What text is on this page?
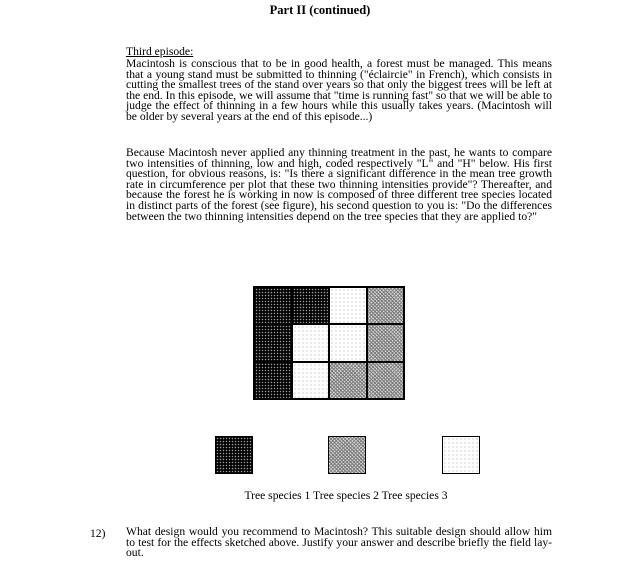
Part II (continued)
Third episode:

Macintosh is conscious that to be in good health, a forest must be managed. This means that a young stand must be submitted to thinning ("éclaircie" in French), which consists in cutting the smallest trees of the stand over years so that only the biggest trees will be left at the end. In this episode, we will assume that "time is running fast" so that we will be able to judge the effect of thinning in a few hours while this usually takes years. (Macintosh will be older by several years at the end of this episode...)

Because Macintosh never applied any thinning treatment in the past, he wants to compare two intensities of thinning, low and high, coded respectively "L" and "H" below. His first question, for obvious reasons, is: "Is there a significant difference in the mean tree growth rate in circumference per plot that these two thinning intensities provide"? Thereafter, and because the forest he is working in now is composed of three different tree species located in distinct parts of the forest (see figure), his second question to you is: "Do the differences between the two thinning intensities depend on the tree species that they are applied to?"

Tree species 1 Tree species 2 Tree species 3
12) What design would you recommend to Macintosh? This suitable design should allow him to test for the effects sketched above. Justify your answer and describe briefly the field lay-out.
